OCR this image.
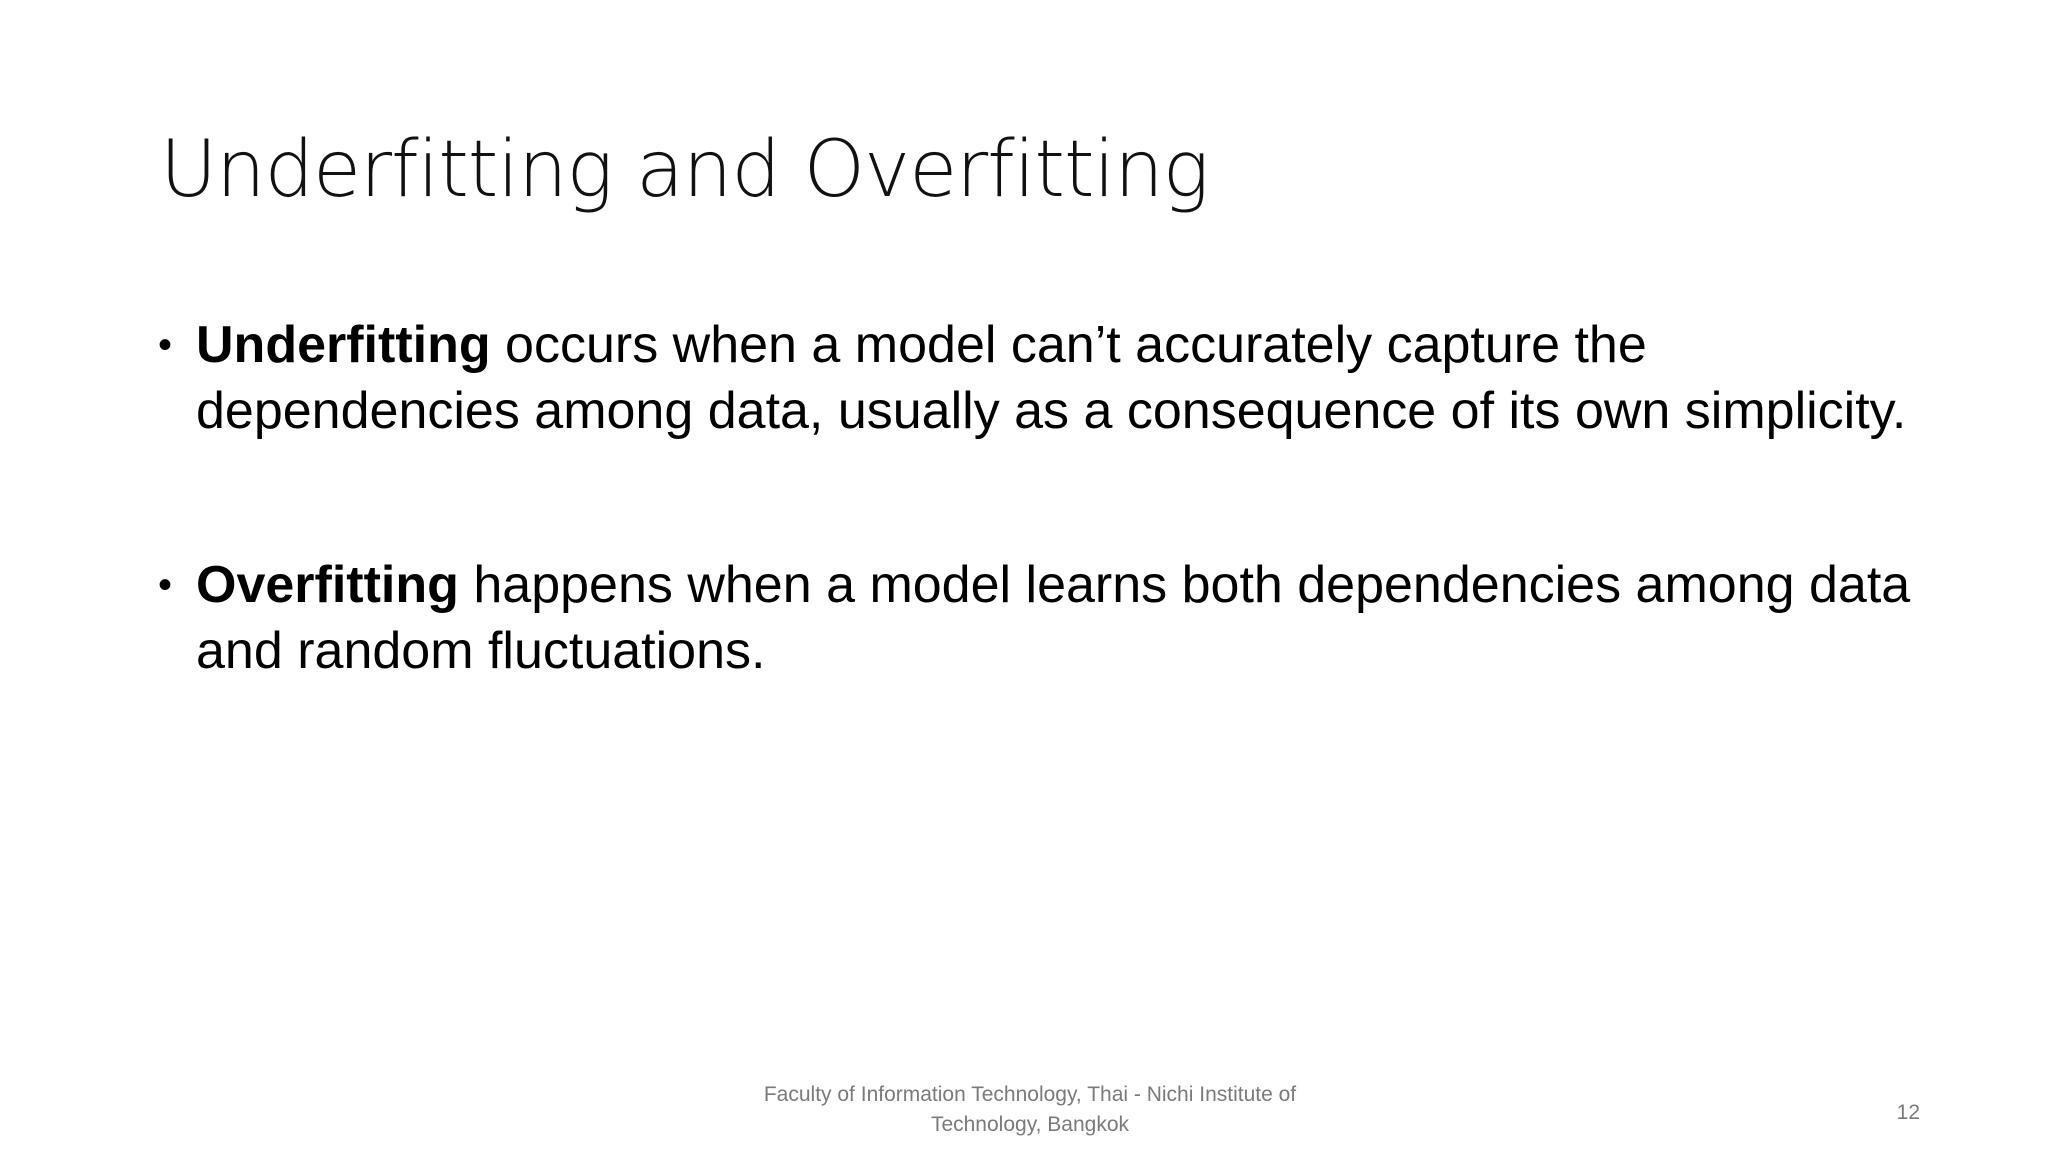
Underfitting and Overfitting
• Underfitting occurs when a model can’t accurately capture the dependencies among data, usually as a consequence of its own simplicity.
• Overfitting happens when a model learns both dependencies among data and random fluctuations.
Faculty of Information Technology, Thai - Nichi Institute of Technology, Bangkok
12
